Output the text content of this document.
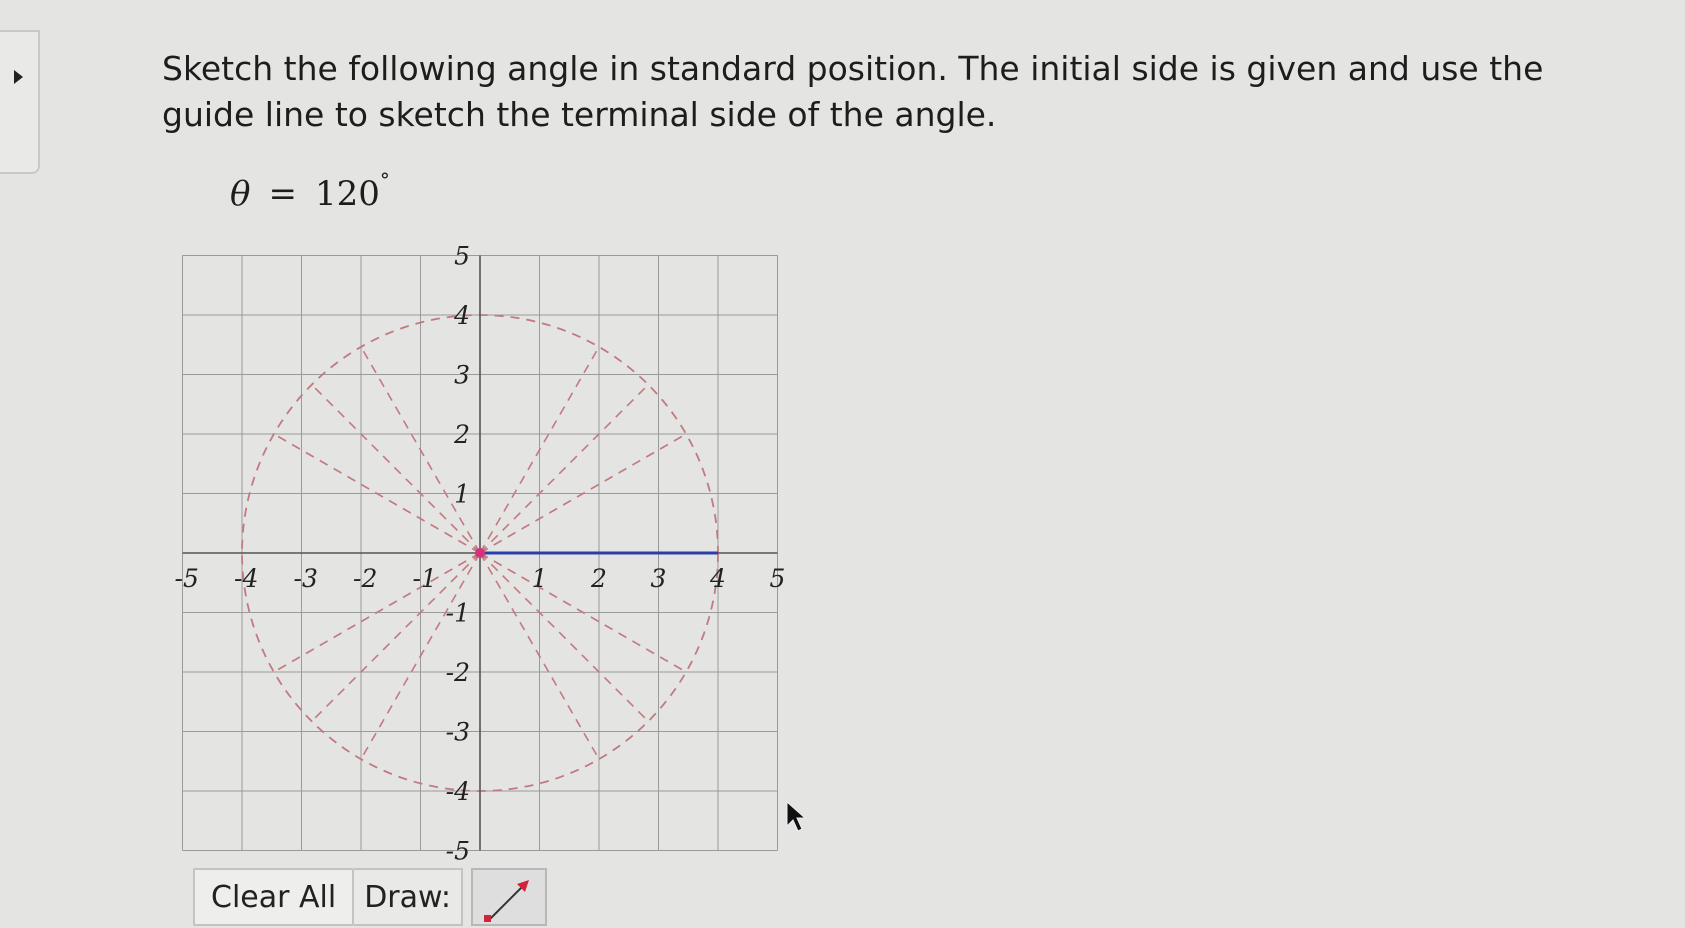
Sketch the following angle in standard position. The initial side is given and use the guide line to sketch the terminal side of the angle.
θ = 120°
-5 -4 -3 -2 -1	1 2 3 4 5
5
4
3
2
1
-1
-2
-3
-4
-5
Clear All Draw:
